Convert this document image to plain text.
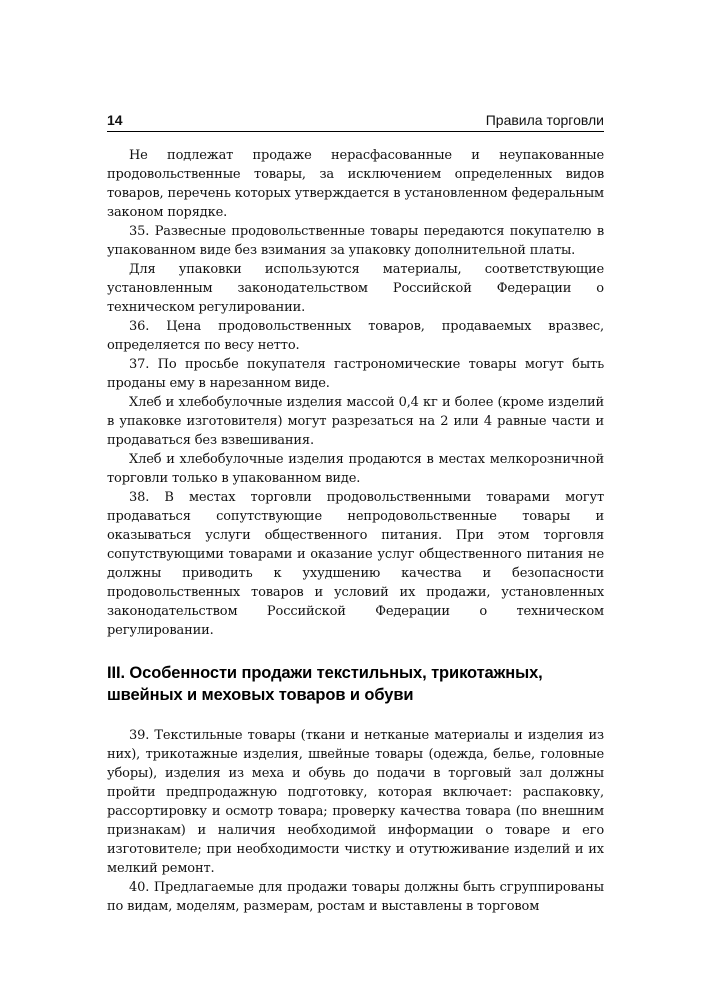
14	Правила торговли

Не подлежат продаже нерасфасованные и неупакованные продовольственные товары, за исключением определенных видов товаров, перечень которых утверждается в установленном федеральным законом порядке.

35. Развесные продовольственные товары передаются покупателю в упакованном виде без взимания за упаковку дополнительной платы.

Для упаковки используются материалы, соответствующие установленным законодательством Российской Федерации о техническом регулировании.

36. Цена продовольственных товаров, продаваемых вразвес, определяется по весу нетто.

37. По просьбе покупателя гастрономические товары могут быть проданы ему в нарезанном виде.

Хлеб и хлебобулочные изделия массой 0,4 кг и более (кроме изделий в упаковке изготовителя) могут разрезаться на 2 или 4 равные части и продаваться без взвешивания.

Хлеб и хлебобулочные изделия продаются в местах мелкорозничной торговли только в упакованном виде.

38. В местах торговли продовольственными товарами могут продаваться сопутствующие непродовольственные товары и оказываться услуги общественного питания. При этом торговля сопутствующими товарами и оказание услуг общественного питания не должны приводить к ухудшению качества и безопасности продовольственных товаров и условий их продажи, установленных законодательством Российской Федерации о техническом регулировании.

III. Особенности продажи текстильных, трикотажных, швейных и меховых товаров и обуви

39. Текстильные товары (ткани и нетканые материалы и изделия из них), трикотажные изделия, швейные товары (одежда, белье, головные уборы), изделия из меха и обувь до подачи в торговый зал должны пройти предпродажную подготовку, которая включает: распаковку, рассортировку и осмотр товара; проверку качества товара (по внешним признакам) и наличия необходимой информации о товаре и его изготовителе; при необходимости чистку и отутюживание изделий и их мелкий ремонт.

40. Предлагаемые для продажи товары должны быть сгруппированы по видам, моделям, размерам, ростам и выставлены в торговом
